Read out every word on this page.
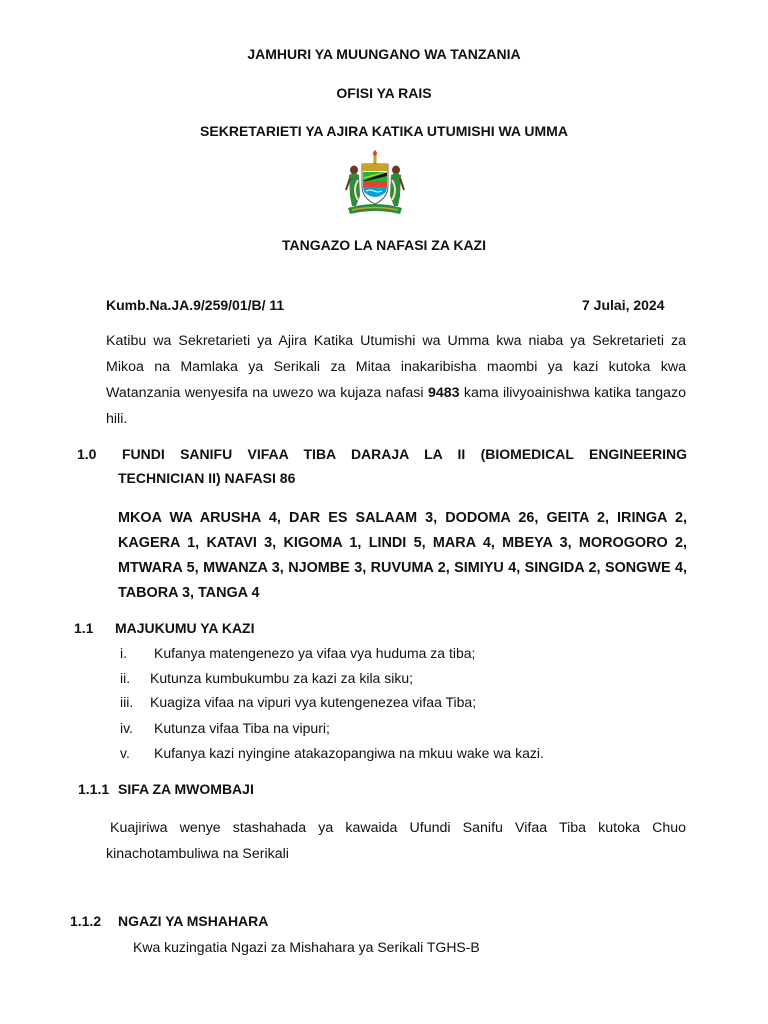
JAMHURI YA MUUNGANO WA TANZANIA
OFISI YA RAIS
SEKRETARIETI YA AJIRA KATIKA UTUMISHI WA UMMA
TANGAZO LA NAFASI ZA KAZI
Kumb.Na.JA.9/259/01/B/ 11	7 Julai, 2024
Katibu wa Sekretarieti ya Ajira Katika Utumishi wa Umma kwa niaba ya Sekretarieti za Mikoa na Mamlaka ya Serikali za Mitaa inakaribisha maombi ya kazi kutoka kwa Watanzania wenyesifa na uwezo wa kujaza nafasi 9483 kama ilivyoainishwa katika tangazo hili.
1.0 FUNDI SANIFU VIFAA TIBA DARAJA LA II (BIOMEDICAL ENGINEERING
TECHNICIAN II) NAFASI 86
MKOA WA ARUSHA 4, DAR ES SALAAM 3, DODOMA 26, GEITA 2, IRINGA 2, KAGERA 1, KATAVI 3, KIGOMA 1, LINDI 5, MARA 4, MBEYA 3, MOROGORO 2, MTWARA 5, MWANZA 3, NJOMBE 3, RUVUMA 2, SIMIYU 4, SINGIDA 2, SONGWE 4, TABORA 3, TANGA 4
1.1 MAJUKUMU YA KAZI
i. Kufanya matengenezo ya vifaa vya huduma za tiba;
ii. Kutunza kumbukumbu za kazi za kila siku;
iii. Kuagiza vifaa na vipuri vya kutengenezea vifaa Tiba;
iv. Kutunza vifaa Tiba na vipuri;
v. Kufanya kazi nyingine atakazopangiwa na mkuu wake wa kazi.
1.1.1 SIFA ZA MWOMBAJI
Kuajiriwa wenye stashahada ya kawaida Ufundi Sanifu Vifaa Tiba kutoka Chuo kinachotambuliwa na Serikali
1.1.2 NGAZI YA MSHAHARA
Kwa kuzingatia Ngazi za Mishahara ya Serikali TGHS-B
